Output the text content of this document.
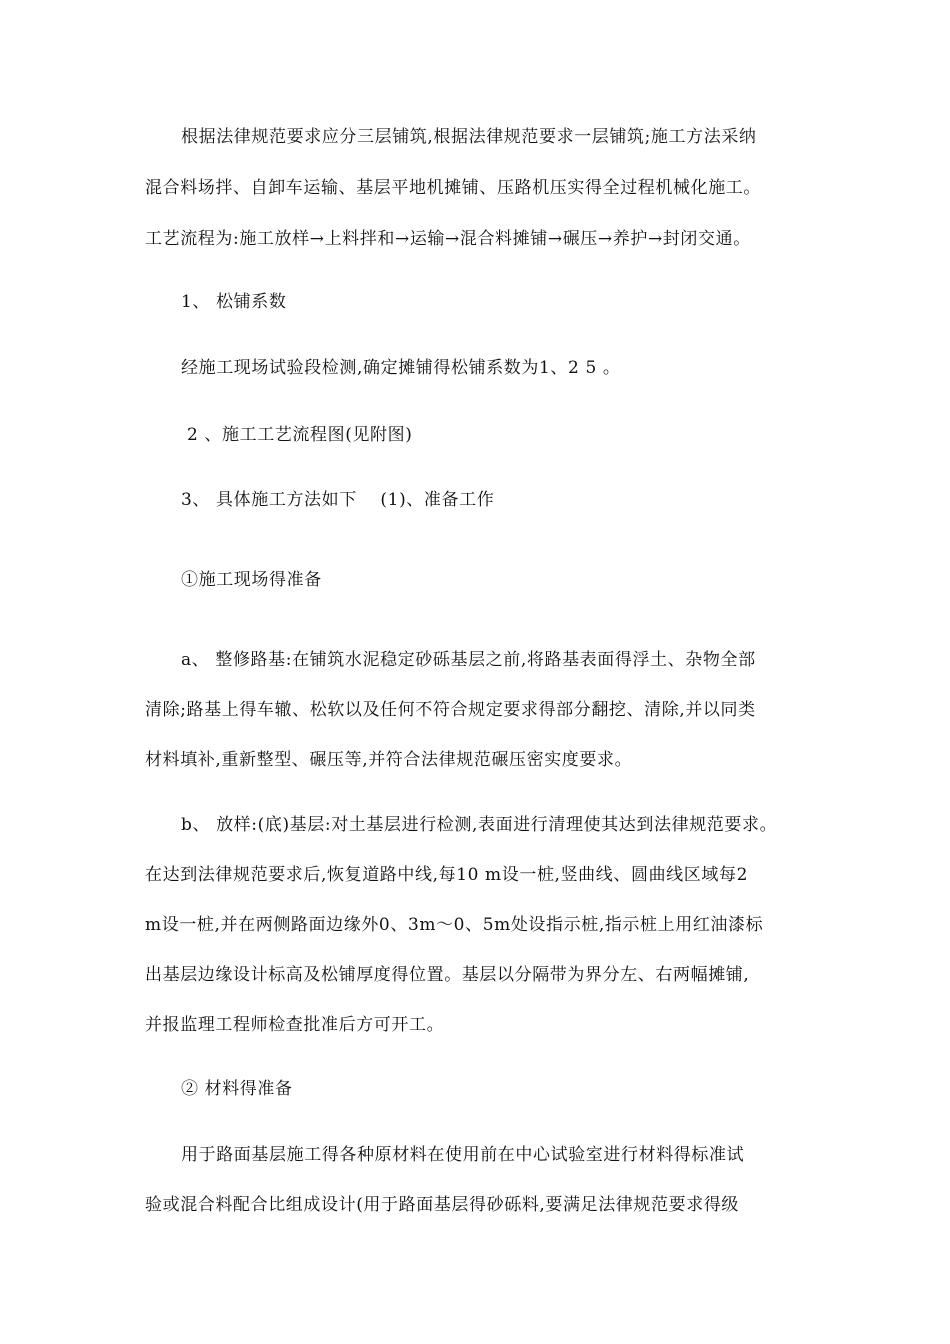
根据法律规范要求应分三层铺筑,根据法律规范要求一层铺筑;施工方法采纳
混合料场拌、自卸车运输、基层平地机摊铺、压路机压实得全过程机械化施工。
工艺流程为:施工放样→上料拌和→运输→混合料摊铺→碾压→养护→封闭交通。
1、 松铺系数
经施工现场试验段检测,确定摊铺得松铺系数为1、2 5 。
2 、施工工艺流程图(见附图)
3、 具体施工方法如下 　(1)、准备工作
①施工现场得准备
a、 整修路基:在铺筑水泥稳定砂砾基层之前,将路基表面得浮土、杂物全部
清除;路基上得车辙、松软以及任何不符合规定要求得部分翻挖、清除,并以同类
材料填补,重新整型、碾压等,并符合法律规范碾压密实度要求。
b、 放样:(底)基层:对土基层进行检测,表面进行清理使其达到法律规范要求。
在达到法律规范要求后,恢复道路中线,每10 m设一桩,竖曲线、圆曲线区域每2
m设一桩,并在两侧路面边缘外0、3m～0、5m处设指示桩,指示桩上用红油漆标
出基层边缘设计标高及松铺厚度得位置。基层以分隔带为界分左、右两幅摊铺,
并报监理工程师检查批准后方可开工。
② 材料得准备
用于路面基层施工得各种原材料在使用前在中心试验室进行材料得标准试
验或混合料配合比组成设计(用于路面基层得砂砾料,要满足法律规范要求得级
